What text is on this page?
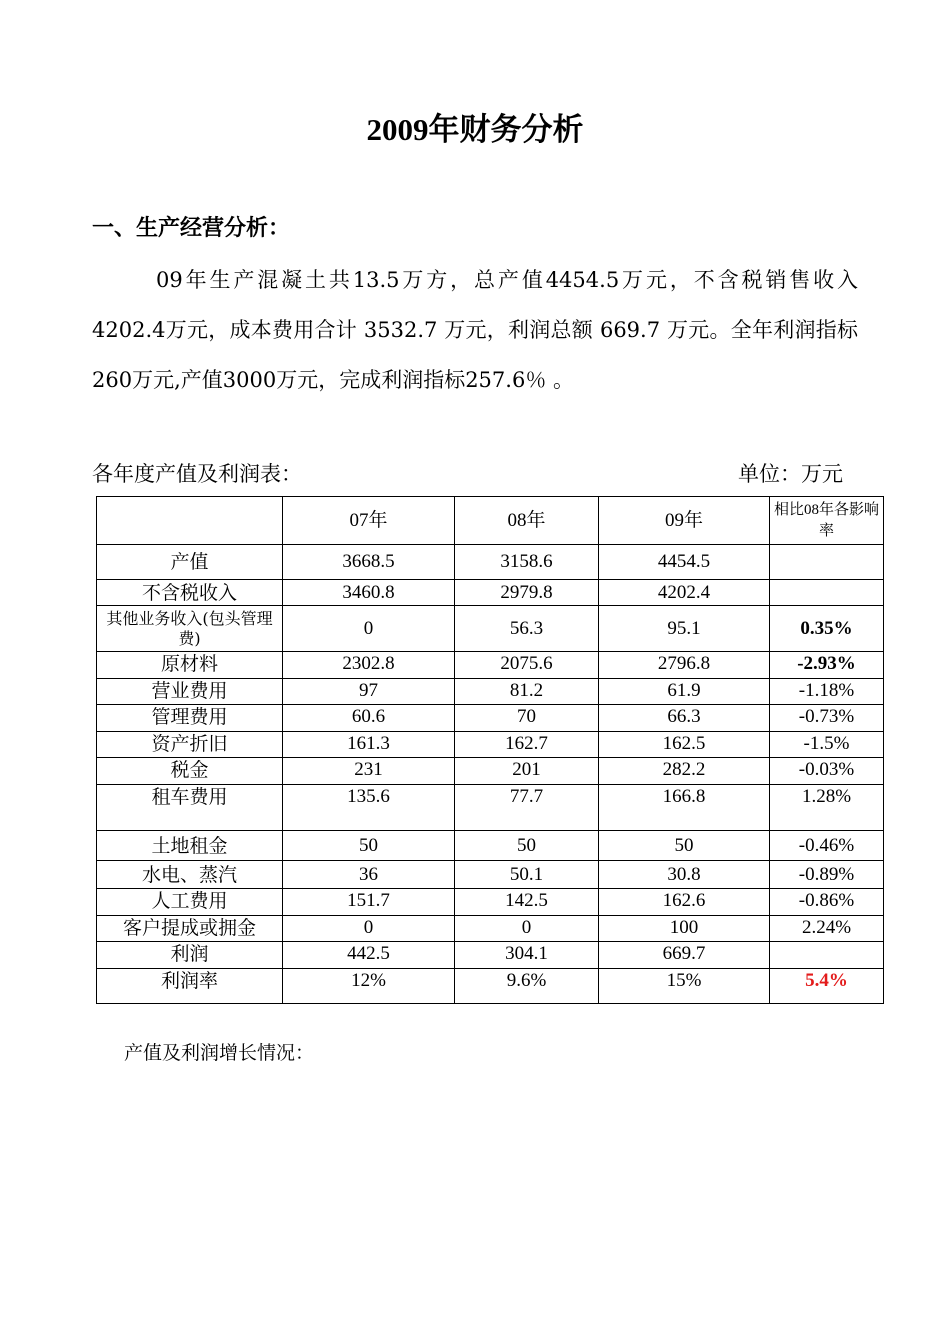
2009年财务分析
一、生产经营分析：
09年生产混凝土共13.5万方，总产值4454.5万元，不含税销售收入4202.4万元，成本费用合计 3532.7 万元，利润总额 669.7 万元。全年利润指标 260万元,产值3000万元，完成利润指标257.6％ 。
各年度产值及利润表：	单位：万元
	07年	08年	09年	相比08年各影响率
产值	3668.5	3158.6	4454.5	
不含税收入	3460.8	2979.8	4202.4	
其他业务收入(包头管理费)	0	56.3	95.1	0.35%
原材料	2302.8	2075.6	2796.8	-2.93%
营业费用	97	81.2	61.9	-1.18%
管理费用	60.6	70	66.3	-0.73%
资产折旧	161.3	162.7	162.5	-1.5%
税金	231	201	282.2	-0.03%
租车费用	135.6	77.7	166.8	1.28%
土地租金	50	50	50	-0.46%
水电、蒸汽	36	50.1	30.8	-0.89%
人工费用	151.7	142.5	162.6	-0.86%
客户提成或拥金	0	0	100	2.24%
利润	442.5	304.1	669.7	
利润率	12%	9.6%	15%	5.4%
产值及利润增长情况：
